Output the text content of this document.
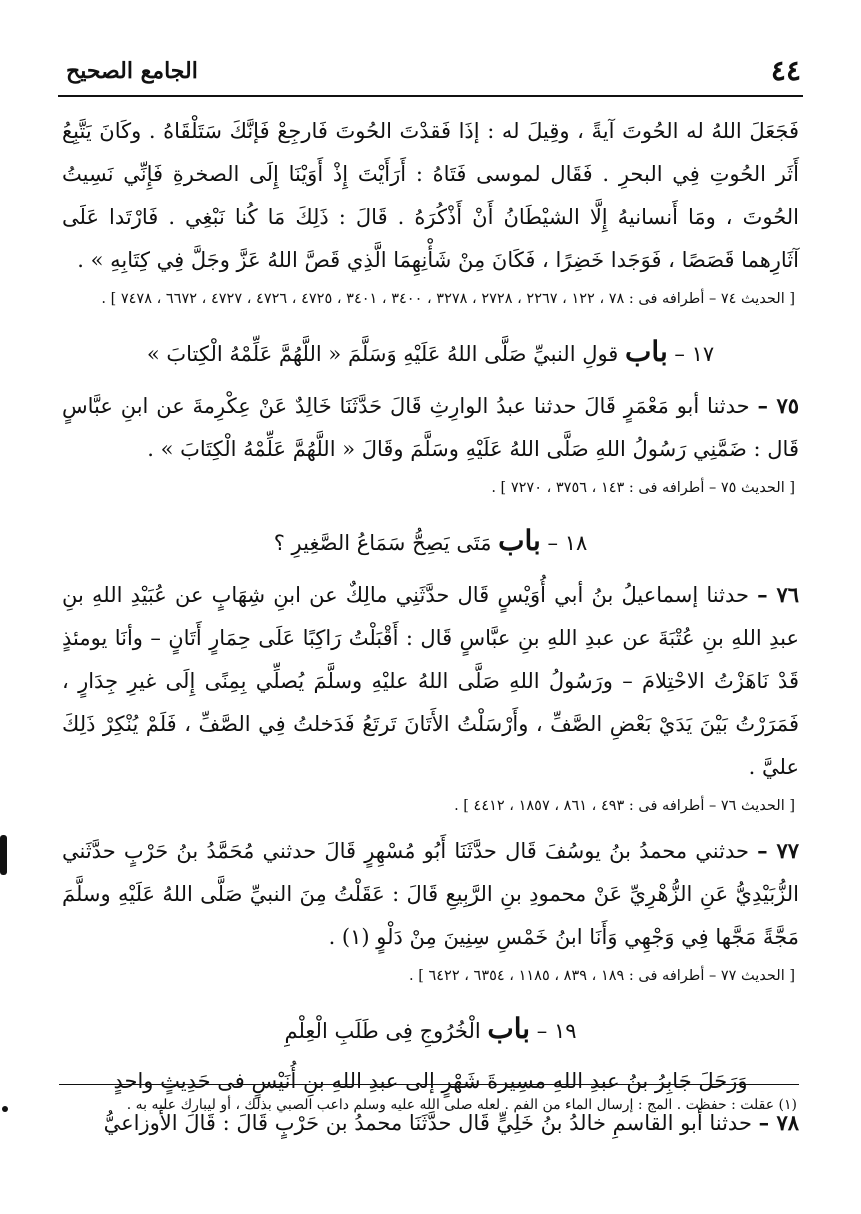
٤٤
الجامع الصحيح

فَجَعَلَ اللهُ له الحُوتَ آيةً ، وقِيلَ له : إذَا فَقدْتَ الحُوتَ فَارجِعْ فَإنَّكَ سَتَلْقَاهُ . وكَانَ يَتَّبِعُ أَثَر الحُوتِ فِي البحرِ . فَقَال لموسى فَتَاهُ : أَرَأَيْتَ إِذْ أَوَيْنَا إِلَى الصخرةِ فَإِنِّي نَسِيتُ الحُوتَ ، ومَا أَنسانيهُ إِلَّا الشيْطَانُ أَنْ أَذْكُرَهُ . قَالَ : ذَلِكَ مَا كُنا نَبْغِي . فَارْتَدا عَلَى آثَارِهما قَصَصًا ، فَوَجَدا خَضِرًا ، فَكَانَ مِنْ شَأْنِهِمَا الَّذِي قَصَّ اللهُ عَزَّ وجَلَّ فِي كِتَابِهِ » .

[ الحديث ٧٤ – أطرافه فى : ٧٨ ، ١٢٢ ، ٢٢٦٧ ، ٢٧٢٨ ، ٣٢٧٨ ، ٣٤٠٠ ، ٣٤٠١ ، ٤٧٢٥ ، ٤٧٢٦ ، ٤٧٢٧ ، ٦٦٧٢ ، ٧٤٧٨ ] .

١٧ – باب قولِ النبيِّ صَلَّى اللهُ عَلَيْهِ وَسَلَّمَ « اللَّهُمَّ عَلِّمْهُ الْكِتابَ »

٧٥ – حدثنا أبو مَعْمَرٍ قَالَ حدثنا عبدُ الوارِثِ قَالَ حَدَّثَنَا خَالِدٌ عَنْ عِكْرِمةَ عن ابنِ عبَّاسٍ قَال : ضَمَّنِي رَسُولُ اللهِ صَلَّى اللهُ عَلَيْهِ وسَلَّمَ وقَالَ « اللَّهُمَّ عَلِّمْهُ الْكِتَابَ » .

[ الحديث ٧٥ – أطرافه فى : ١٤٣ ، ٣٧٥٦ ، ٧٢٧٠ ] .

١٨ – باب مَتَى يَصِحُّ سَمَاعُ الصَّغِيرِ ؟

٧٦ – حدثنا إسماعيلُ بنُ أبي أُوَيْسٍ قَال حدَّثَنِي مالِكٌ عن ابنِ شِهَابٍ عن عُبَيْدِ اللهِ بنِ عبدِ اللهِ بنِ عُتْبَةَ عن عبدِ اللهِ بنِ عبَّاسٍ قَال : أَقْبَلْتُ رَاكِبًا عَلَى حِمَارٍ أَتَانٍ – وأنَا يومئذٍ قَدْ نَاهَزْتُ الاحْتِلامَ – ورَسُولُ اللهِ صَلَّى اللهُ عليْهِ وسلَّمَ يُصلِّي بِمِنًى إِلَى غيرِ جِدَارٍ ، فَمَرَرْتُ بَيْنَ يَدَيْ بَعْضِ الصَّفِّ ، وأَرْسَلْتُ الأَتَانَ تَرتَعُ فَدَخلتُ فِي الصَّفِّ ، فَلَمْ يُنْكِرْ ذَلِكَ عليَّ .

[ الحديث ٧٦ – أطرافه فى : ٤٩٣ ، ٨٦١ ، ١٨٥٧ ، ٤٤١٢ ] .

٧٧ – حدثني محمدُ بنُ يوسُفَ قَال حدَّثَنَا أَبُو مُسْهِرٍ قَالَ حدثني مُحَمَّدُ بنُ حَرْبٍ حدَّثَني الزُّبَيْدِيُّ عَنِ الزُّهْرِيِّ عَنْ محمودِ بنِ الرَّبِيعِ قَالَ : عَقَلْتُ مِنَ النبيِّ صَلَّى اللهُ عَلَيْهِ وسلَّمَ مَجَّةً مَجَّها فِي وَجْهِي وَأَنَا ابنُ خَمْسِ سِنِينَ مِنْ دَلْوٍ (١) .

[ الحديث ٧٧ – أطرافه فى : ١٨٩ ، ٨٣٩ ، ١١٨٥ ، ٦٣٥٤ ، ٦٤٢٢ ] .

١٩ – باب الْخُرُوجِ فِى طَلَبِ الْعِلْمِ
وَرَحَلَ جَابِرُ بنُ عبدِ اللهِ مسِيرةَ شَهْرٍ إلى عبدِ اللهِ بنِ أُنَيْسٍ فى حَدِيثٍ واحدٍ

٧٨ – حدثنا أبو القاسمِ خالدُ بنُ خَلِيٍّ قَال حدَّثَنَا محمدُ بن حَرْبٍ قَالَ : قَالَ الأَوزاعيُّ

(١) عقلت : حفظت . المج : إرسال الماء من الفم . لعله صلى الله عليه وسلم داعب الصبي بذلك ، أو ليبارك عليه به .
